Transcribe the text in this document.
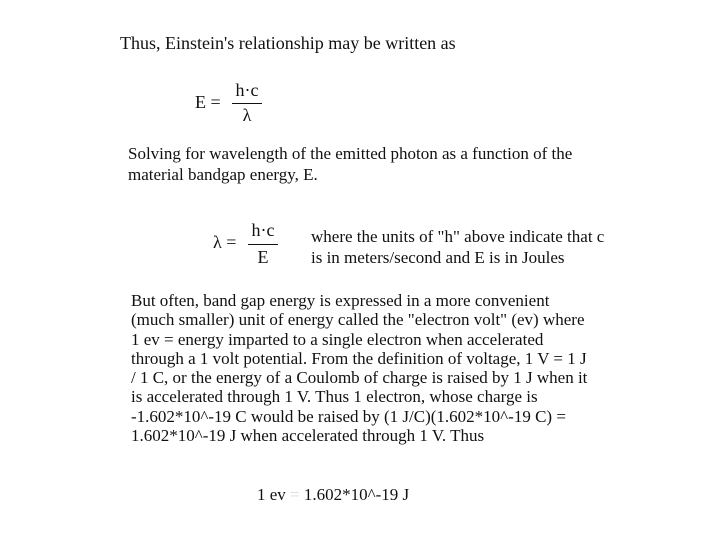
Thus, Einstein's relationship may be written as
E =
h·c
λ
Solving for wavelength of the emitted photon as a function of the
material bandgap energy, E.
λ =
h·c
E
where the units of "h" above indicate that c
is in meters/second and E is in Joules
But often, band gap energy is expressed in a more convenient
(much smaller) unit of energy called the "electron volt" (ev) where
1 ev = energy imparted to a single electron when accelerated
through a 1 volt potential. From the definition of voltage, 1 V = 1 J
/ 1 C, or the energy of a Coulomb of charge is raised by 1 J when it
is accelerated through 1 V. Thus 1 electron, whose charge is
-1.602*10^-19 C would be raised by (1 J/C)(1.602*10^-19 C) =
1.602*10^-19 J when accelerated through 1 V. Thus
1 ev = 1.602*10^-19 J
